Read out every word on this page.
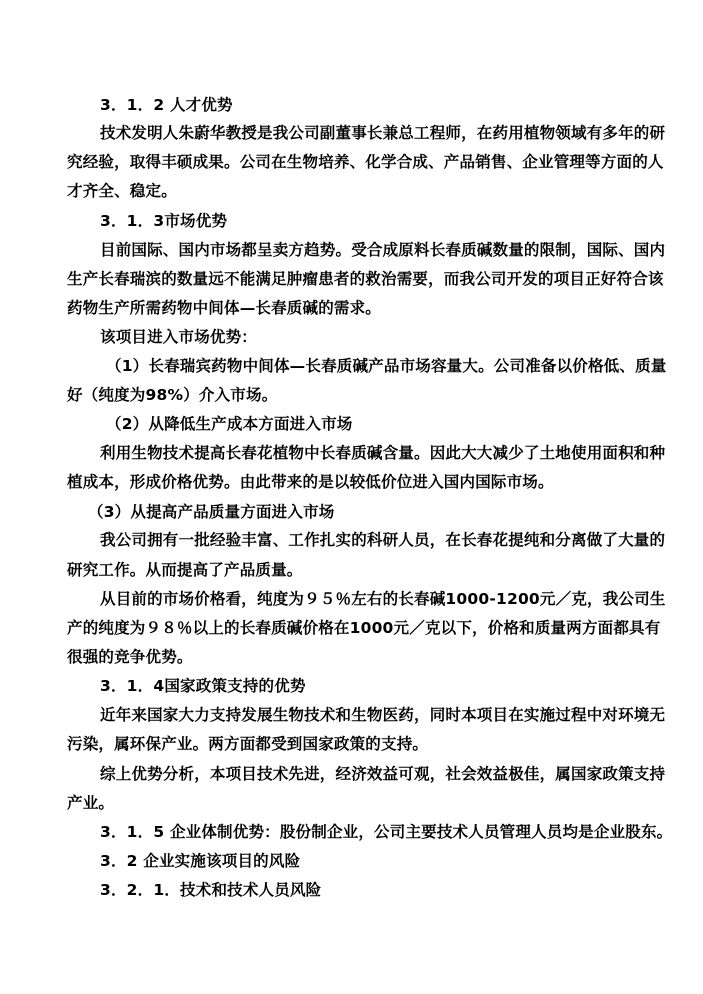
3．1．2 人才优势
技术发明人朱蔚华教授是我公司副董事长兼总工程师，在药用植物领域有多年的研
究经验，取得丰硕成果。公司在生物培养、化学合成、产品销售、企业管理等方面的人
才齐全、稳定。
3．1．3市场优势
目前国际、国内市场都呈卖方趋势。受合成原料长春质碱数量的限制，国际、国内
生产长春瑞滨的数量远不能满足肿瘤患者的救治需要，而我公司开发的项目正好符合该
药物生产所需药物中间体—长春质碱的需求。
该项目进入市场优势：
（1）长春瑞宾药物中间体—长春质碱产品市场容量大。公司准备以价格低、质量
好（纯度为98%）介入市场。
（2）从降低生产成本方面进入市场
利用生物技术提高长春花植物中长春质碱含量。因此大大减少了土地使用面积和种
植成本，形成价格优势。由此带来的是以较低价位进入国内国际市场。
（3）从提高产品质量方面进入市场
我公司拥有一批经验丰富、工作扎实的科研人员，在长春花提纯和分离做了大量的
研究工作。从而提高了产品质量。
从目前的市场价格看，纯度为９５％左右的长春碱1000-1200元／克，我公司生
产的纯度为９８％以上的长春质碱价格在1000元／克以下，价格和质量两方面都具有
很强的竞争优势。
3．1．4国家政策支持的优势
近年来国家大力支持发展生物技术和生物医药，同时本项目在实施过程中对环境无
污染，属环保产业。两方面都受到国家政策的支持。
综上优势分析，本项目技术先进，经济效益可观，社会效益极佳，属国家政策支持
产业。
3．1．5 企业体制优势：股份制企业，公司主要技术人员管理人员均是企业股东。
3．2 企业实施该项目的风险
3．2．1．技术和技术人员风险
